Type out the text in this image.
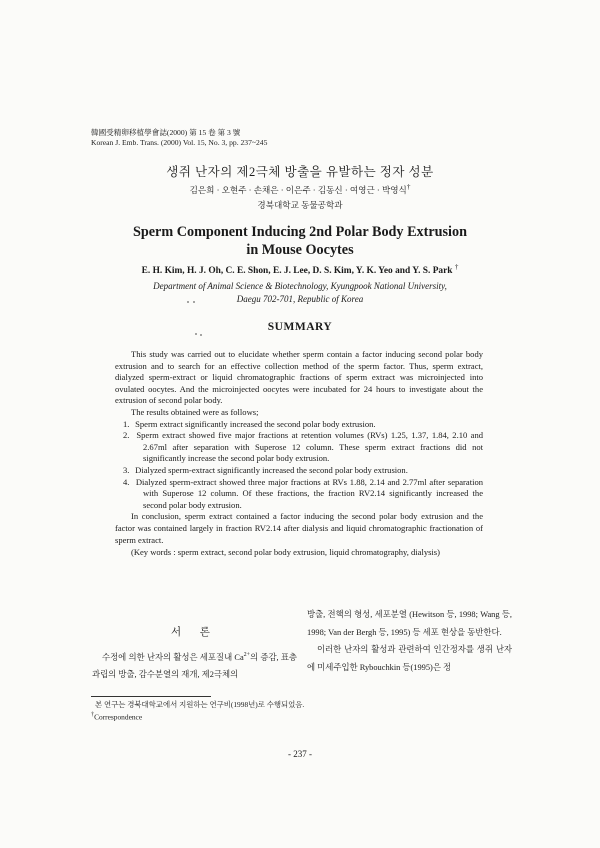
韓國受精卵移植學會誌(2000) 第 15 卷 第 3 號
Korean J. Emb. Trans. (2000) Vol. 15, No. 3, pp. 237~245
생쥐 난자의 제2극체 방출을 유발하는 정자 성분
김은희 · 오현주 · 손채은 · 이은주 · 김동신 · 여영근 · 박영식†
경북대학교 동물공학과
Sperm Component Inducing 2nd Polar Body Extrusion
in Mouse Oocytes
E. H. Kim, H. J. Oh, C. E. Shon, E. J. Lee, D. S. Kim, Y. K. Yeo and Y. S. Park †
Department of Animal Science & Biotechnology, Kyungpook National University,
Daegu 702-701, Republic of Korea
SUMMARY

This study was carried out to elucidate whether sperm contain a factor inducing second polar body extrusion and to search for an effective collection method of the sperm factor. Thus, sperm extract, dialyzed sperm-extract or liquid chromatographic fractions of sperm extract was microinjected into ovulated oocytes. And the microinjected oocytes were incubated for 24 hours to investigate about the extrusion of second polar body.

The results obtained were as follows;

1. Sperm extract significantly increased the second polar body extrusion.
2. Sperm extract showed five major fractions at retention volumes (RVs) 1.25, 1.37, 1.84, 2.10 and 2.67ml after separation with Superose 12 column. These sperm extract fractions did not significantly increase the second polar body extrusion.
3. Dialyzed sperm-extract significantly increased the second polar body extrusion.
4. Dialyzed sperm-extract showed three major fractions at RVs 1.88, 2.14 and 2.77ml after separation with Superose 12 column. Of these fractions, the fraction RV2.14 significantly increased the second polar body extrusion.

In conclusion, sperm extract contained a factor inducing the second polar body extrusion and the factor was contained largely in fraction RV2.14 after dialysis and liquid chromatographic fractionation of sperm extract.

(Key words : sperm extract, second polar body extrusion, liquid chromatography, dialysis)

서 론
수정에 의한 난자의 활성은 세포질내 $Ca^{2+}$의 증감, 표층과립의 방출, 감수분열의 재개, 제2극체의

방출, 전핵의 형성, 세포분열 (Hewitson 등, 1998; Wang 등, 1998; Van der Bergh 등, 1995) 등 세포 현상을 동반한다.

이러한 난자의 활성과 관련하여 인간정자를 생쥐 난자에 미세주입한 Rybouchkin 등(1995)은 정

본 연구는 경북대학교에서 지원하는 연구비(1998년)로 수행되었음.
†Correspondence
- 237 -
